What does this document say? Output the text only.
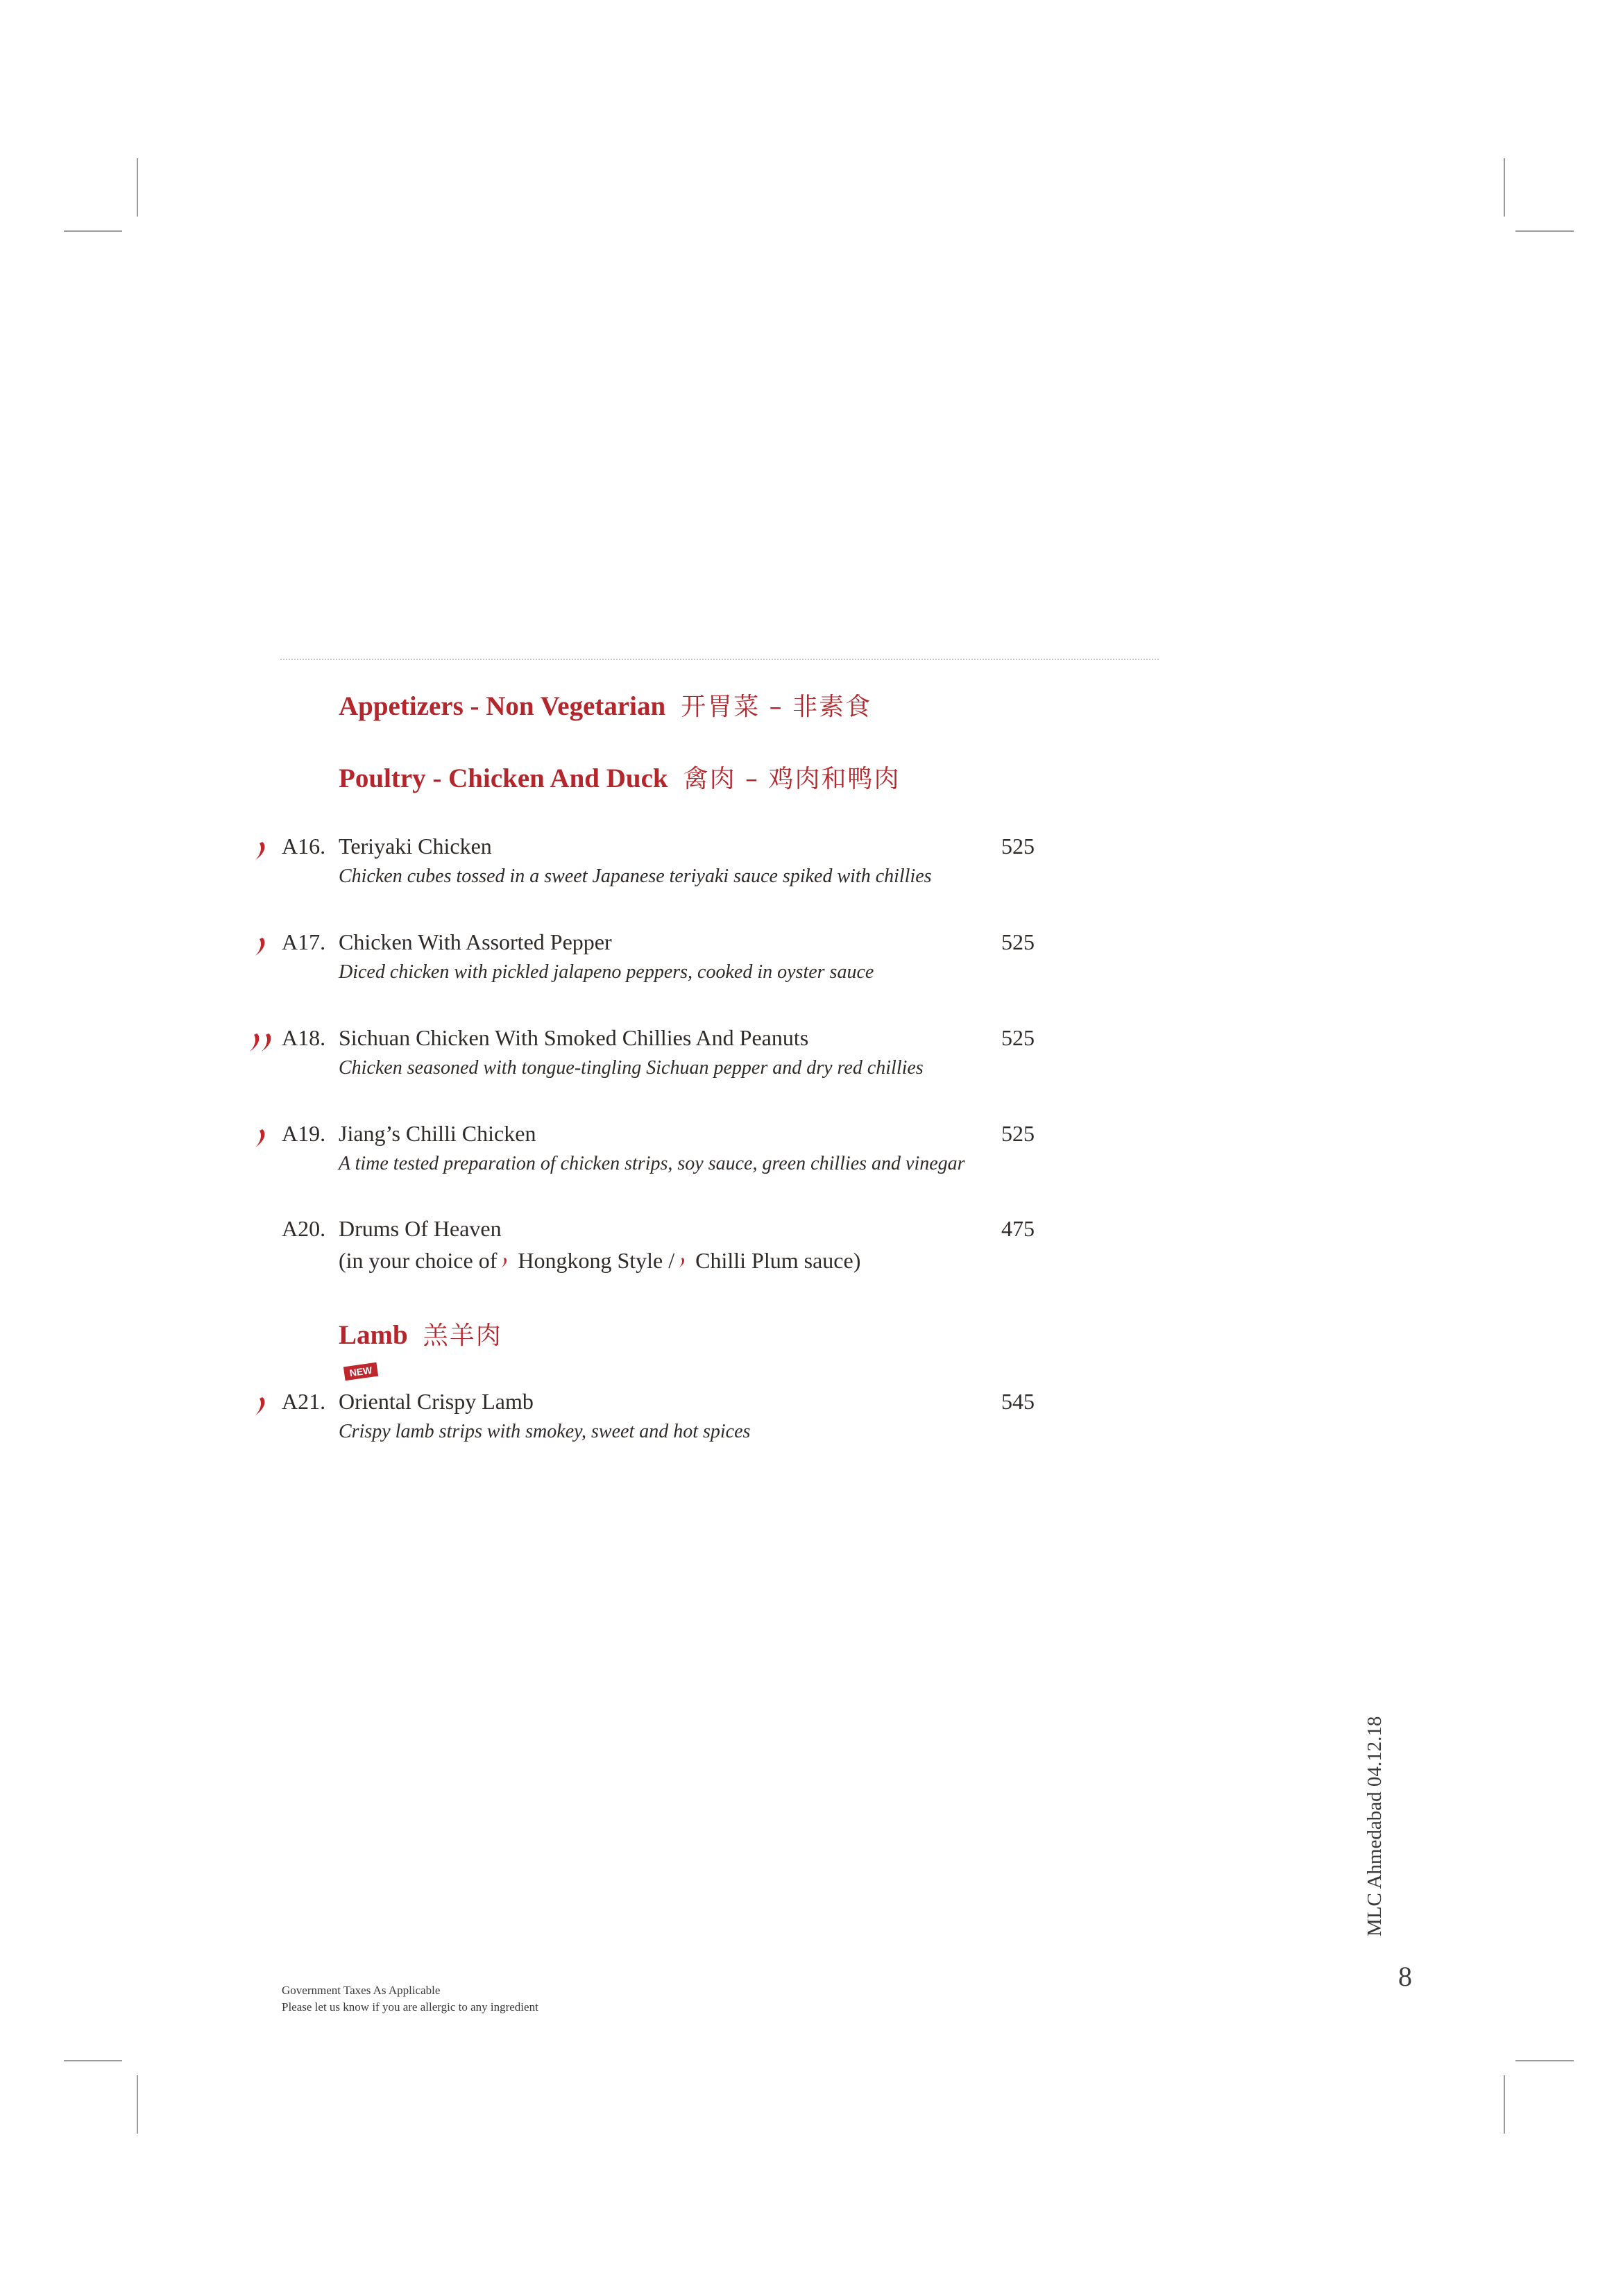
Appetizers - Non Vegetarian 开胃菜 – 非素食
Poultry - Chicken And Duck 禽肉 – 鸡肉和鸭肉
A16. Teriyaki Chicken	525
Chicken cubes tossed in a sweet Japanese teriyaki sauce spiked with chillies
A17. Chicken With Assorted Pepper	525
Diced chicken with pickled jalapeno peppers, cooked in oyster sauce
A18. Sichuan Chicken With Smoked Chillies And Peanuts	525
Chicken seasoned with tongue-tingling Sichuan pepper and dry red chillies
A19. Jiang’s Chilli Chicken	525
A time tested preparation of chicken strips, soy sauce, green chillies and vinegar
A20. Drums Of Heaven	475
(in your choice of Hongkong Style / Chilli Plum sauce)
Lamb 羔羊肉
NEW
A21. Oriental Crispy Lamb	545
Crispy lamb strips with smokey, sweet and hot spices
Government Taxes As Applicable
Please let us know if you are allergic to any ingredient
MLC Ahmedabad 04.12.18
8
